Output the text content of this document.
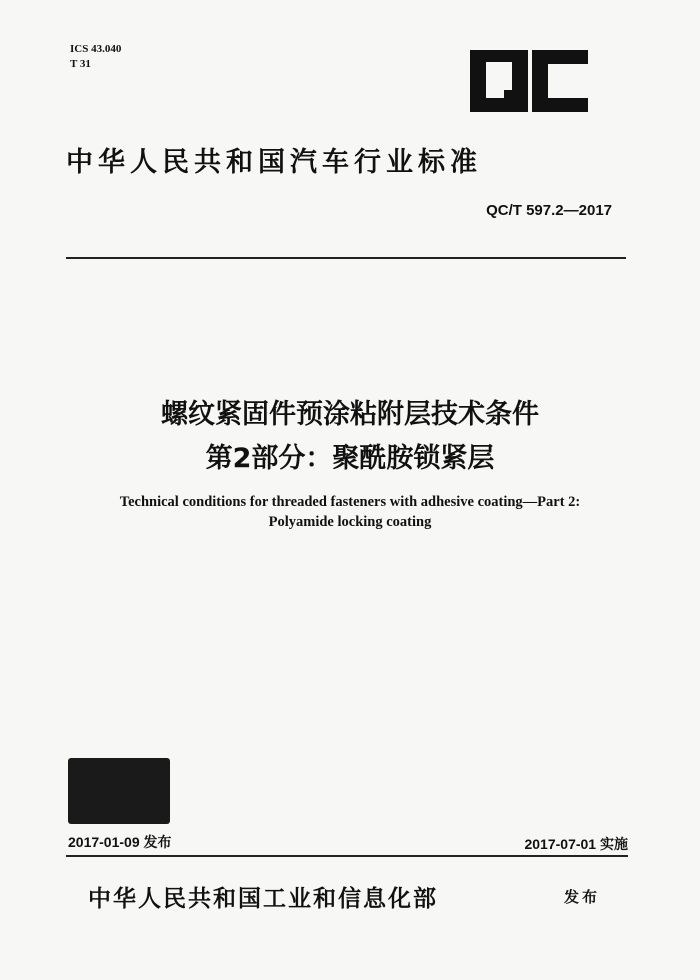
ICS 43.040
T 31
中华人民共和国汽车行业标准
QC/T 597.2—2017
螺纹紧固件预涂粘附层技术条件
第2部分：聚酰胺锁紧层
Technical conditions for threaded fasteners with adhesive coating—Part 2:
Polyamide locking coating
2017-01-09 发布	2017-07-01 实施
中华人民共和国工业和信息化部	发布
